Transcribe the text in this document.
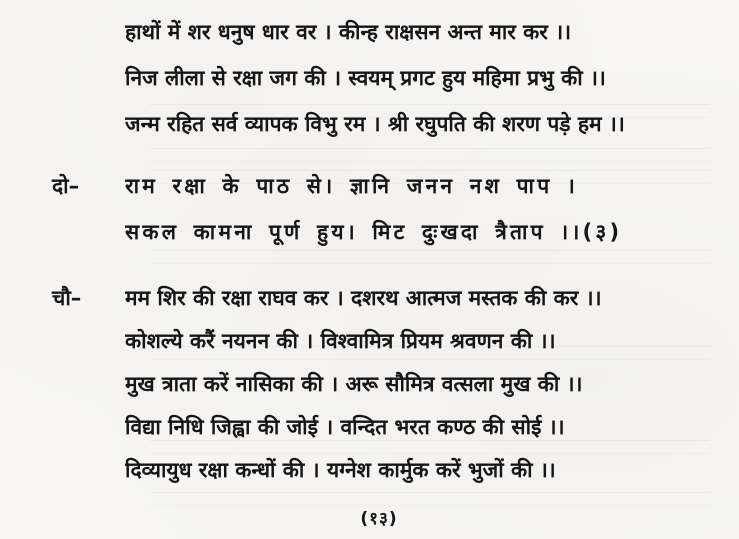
हाथों में शर धनुष धार वर । कीन्ह राक्षसन अन्त मार कर ।।
निज लीला से रक्षा जग की । स्वयम् प्रगट हुय महिमा प्रभु की ।।
जन्म रहित सर्व व्यापक विभु रम । श्री रघुपति की शरण पड़े हम ।।
दो– राम रक्षा के पाठ से। ज्ञानि जनन नश पाप ।
सकल कामना पूर्ण हुय। मिट दुःखदा त्रैताप ।।(३)
चौ– मम शिर की रक्षा राघव कर । दशरथ आत्मज मस्तक की कर ।।
कोशल्ये करैं नयनन की । विश्वामित्र प्रियम श्रवणन की ।।
मुख त्राता करें नासिका की । अरू सौमित्र वत्सला मुख की ।।
विद्या निधि जिह्वा की जोई । वन्दित भरत कण्ठ की सोई ।।
दिव्यायुध रक्षा कन्धों की । यग्नेश कार्मुक करें भुजों की ।।
(१३)
